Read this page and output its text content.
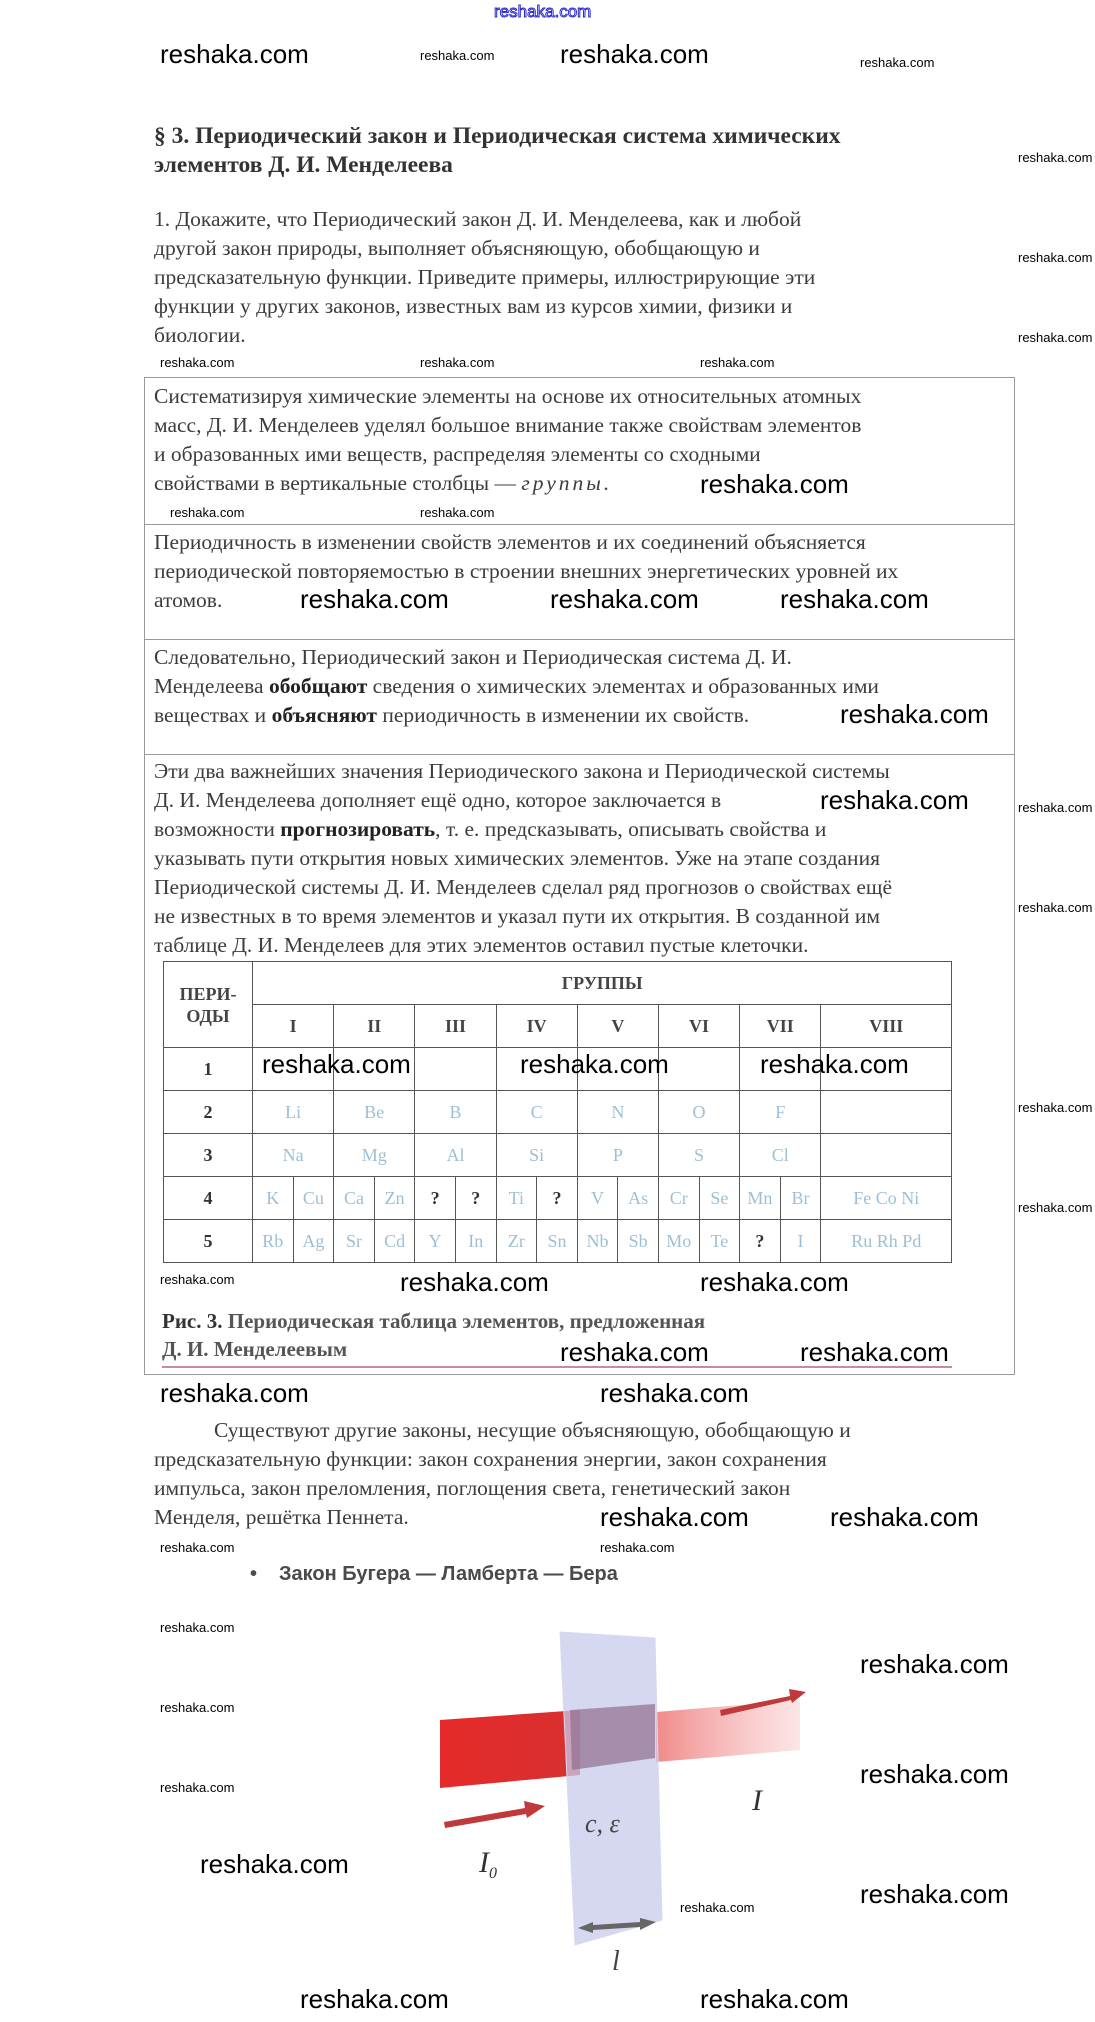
reshaka.com
§ 3. Периодический закон и Периодическая система химических
элементов Д. И. Менделеева
1. Докажите, что Периодический закон Д. И. Менделеева, как и любой
другой закон природы, выполняет объясняющую, обобщающую и
предсказательную функции. Приведите примеры, иллюстрирующие эти
функции у других законов, известных вам из курсов химии, физики и
биологии.
Систематизируя химические элементы на основе их относительных атомных
масс, Д. И. Менделеев уделял большое внимание также свойствам элементов
и образованных ими веществ, распределяя элементы со сходными
свойствами в вертикальные столбцы — группы.
Периодичность в изменении свойств элементов и их соединений объясняется
периодической повторяемостью в строении внешних энергетических уровней их
атомов.
Следовательно, Периодический закон и Периодическая система Д. И.
Менделеева обобщают сведения о химических элементах и образованных ими
веществах и объясняют периодичность в изменении их свойств.
Эти два важнейших значения Периодического закона и Периодической системы
Д. И. Менделеева дополняет ещё одно, которое заключается в
возможности прогнозировать, т. е. предсказывать, описывать свойства и
указывать пути открытия новых химических элементов. Уже на этапе создания
Периодической системы Д. И. Менделеев сделал ряд прогнозов о свойствах ещё
не известных в то время элементов и указал пути их открытия. В созданной им
таблице Д. И. Менделеев для этих элементов оставил пустые клеточки.
ПЕРИ-
ОДЫ	ГРУППЫ														
	I		II		III		IV		V		VI		VII		VIII
1															
2	Li		Be		B		C		N		O		F		
3	Na		Mg		Al		Si		P		S		Cl		
4	K	Cu	Ca	Zn	?	?	Ti	?	V	As	Cr	Se	Mn	Br	Fe Co Ni
5	Rb	Ag	Sr	Cd	Y	In	Zr	Sn	Nb	Sb	Mo	Te	?	I	Ru Rh Pd
Рис. 3. Периодическая таблица элементов, предложенная
Д. И. Менделеевым
Существуют другие законы, несущие объясняющую, обобщающую и
предсказательную функции: закон сохранения энергии, закон сохранения
импульса, закон преломления, поглощения света, генетический закон
Менделя, решётка Пеннета.
• Закон Бугера — Ламберта — Бера
$I_0$
I
c, ε
l
reshaka.com	reshaka.com	reshaka.com	reshaka.com
reshaka.com
reshaka.com
reshaka.com
reshaka.com	reshaka.com	reshaka.com
reshaka.com
reshaka.com	reshaka.com
reshaka.com	reshaka.com	reshaka.com
reshaka.com
reshaka.com	reshaka.com
reshaka.com
reshaka.com	reshaka.com	reshaka.com
reshaka.com
reshaka.com
reshaka.com	reshaka.com
reshaka.com
reshaka.com	reshaka.com
reshaka.com	reshaka.com
reshaka.com	reshaka.com
reshaka.com	reshaka.com
reshaka.com
reshaka.com
reshaka.com
reshaka.com
reshaka.com
reshaka.com
reshaka.com
reshaka.com
reshaka.com	reshaka.com
